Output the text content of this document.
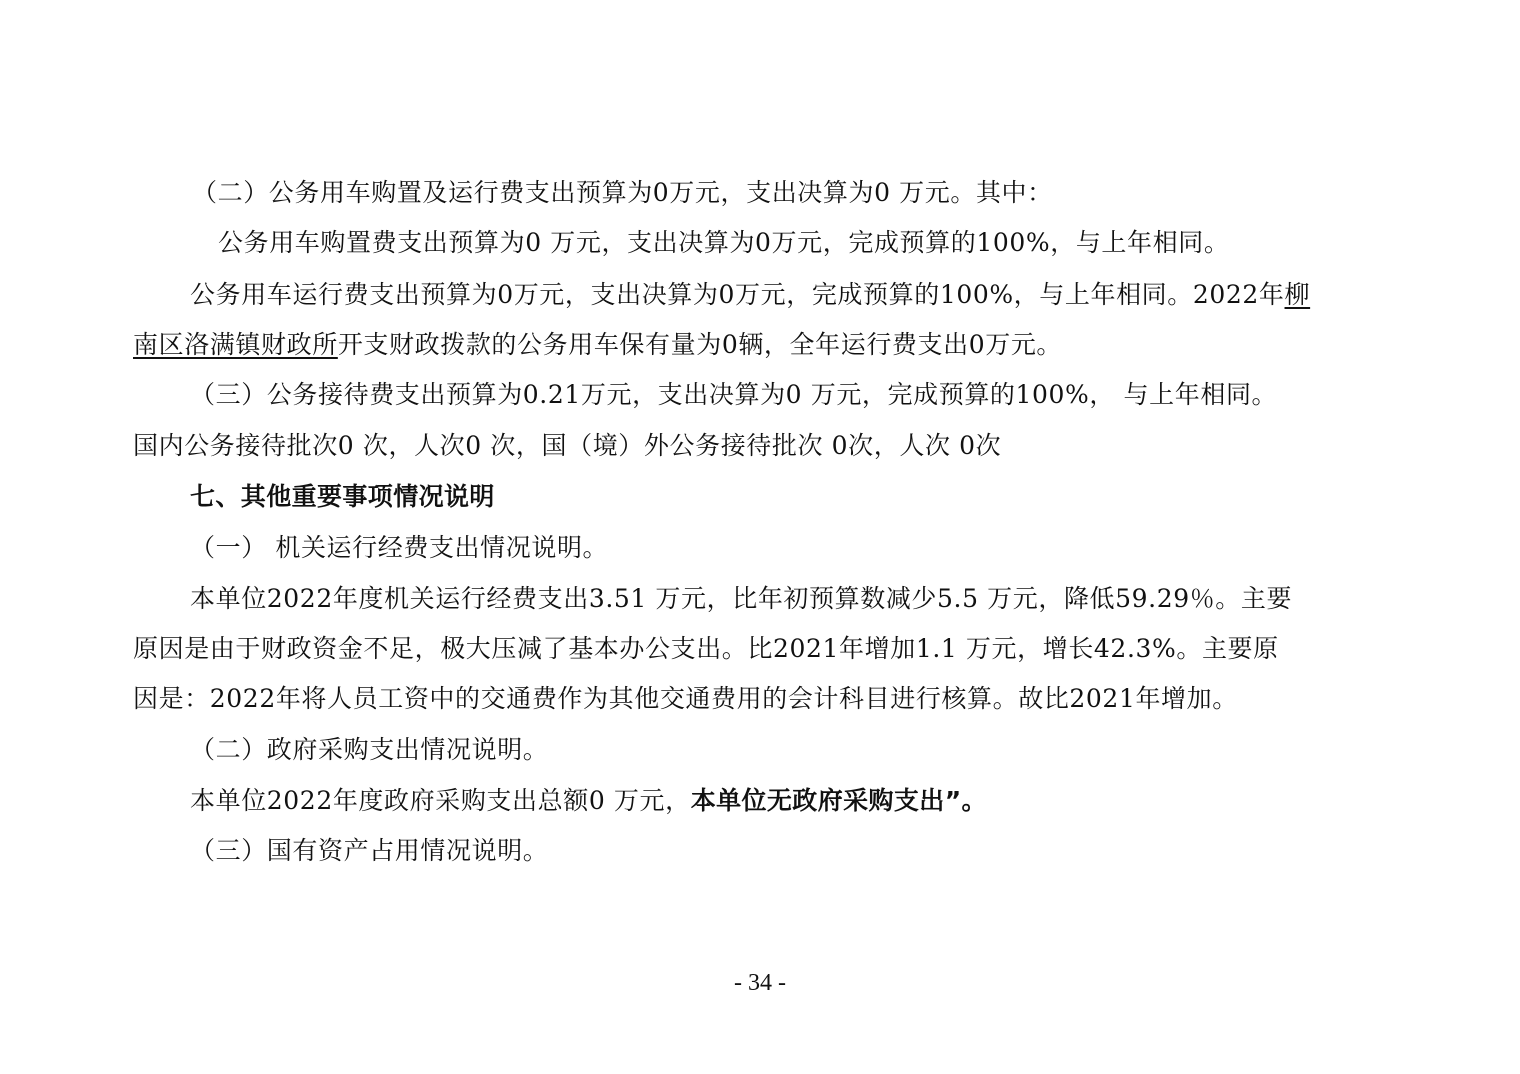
（二）公务用车购置及运行费支出预算为0万元，支出决算为0 万元。其中：
公务用车购置费支出预算为0 万元，支出决算为0万元，完成预算的100%，与上年相同。
公务用车运行费支出预算为0万元，支出决算为0万元，完成预算的100%，与上年相同。2022年柳
南区洛满镇财政所开支财政拨款的公务用车保有量为0辆，全年运行费支出0万元。
（三）公务接待费支出预算为0.21万元，支出决算为0 万元，完成预算的100%， 与上年相同。
国内公务接待批次0 次，人次0 次，国（境）外公务接待批次 0次，人次 0次
七、其他重要事项情况说明
（一） 机关运行经费支出情况说明。
本单位2022年度机关运行经费支出3.51 万元，比年初预算数减少5.5 万元，降低59.29％。主要
原因是由于财政资金不足，极大压减了基本办公支出。比2021年增加1.1 万元，增长42.3%。主要原
因是：2022年将人员工资中的交通费作为其他交通费用的会计科目进行核算。故比2021年增加。
（二）政府采购支出情况说明。
本单位2022年度政府采购支出总额0 万元，本单位无政府采购支出”。
（三）国有资产占用情况说明。
- 34 -
